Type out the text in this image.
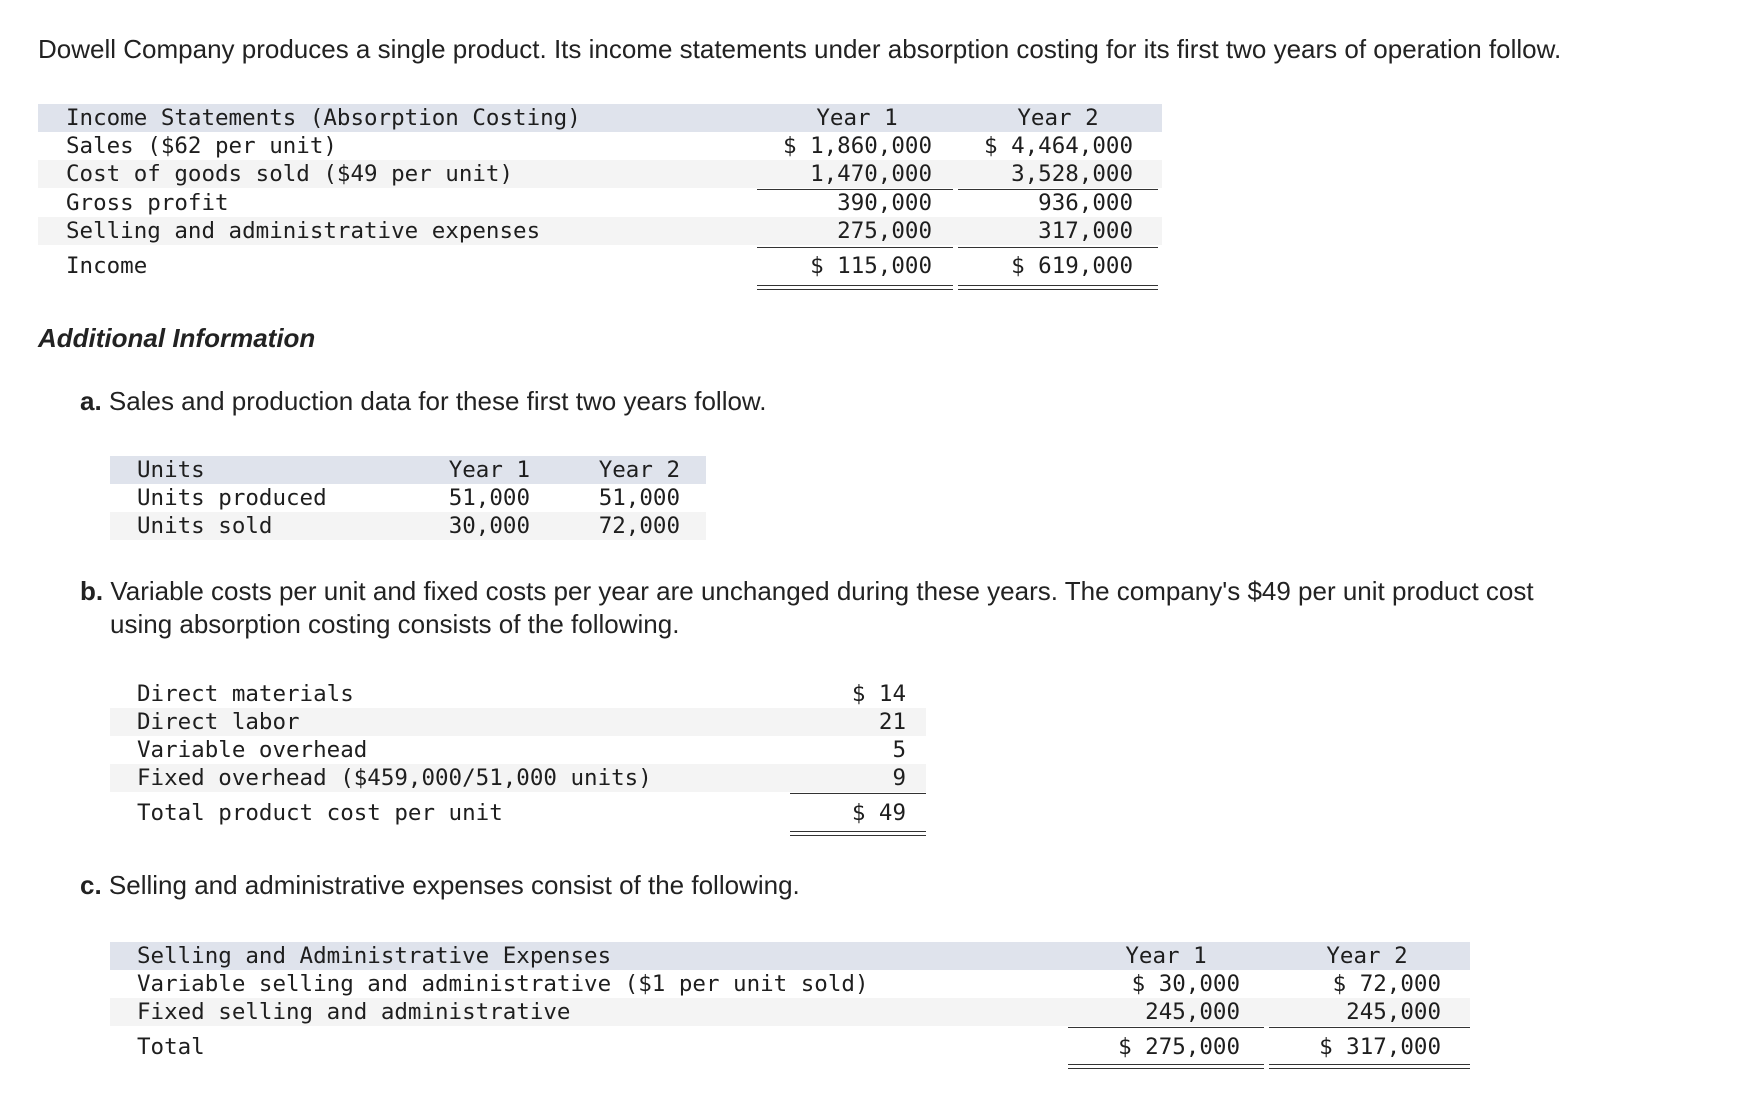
Dowell Company produces a single product. Its income statements under absorption costing for its first two years of operation follow.
Income Statements (Absorption Costing)	Year 1	Year 2
Sales ($62 per unit)	$ 1,860,000	$ 4,464,000
Cost of goods sold ($49 per unit)	1,470,000	3,528,000
Gross profit	390,000	936,000
Selling and administrative expenses	275,000	317,000
Income	$ 115,000	$ 619,000
Additional Information
a. Sales and production data for these first two years follow.
Units	Year 1	Year 2
Units produced	51,000	51,000
Units sold	30,000	72,000
b. Variable costs per unit and fixed costs per year are unchanged during these years. The company's $49 per unit product cost
using absorption costing consists of the following.
Direct materials	$ 14
Direct labor	21
Variable overhead	5
Fixed overhead ($459,000/51,000 units)	9
Total product cost per unit	$ 49
c. Selling and administrative expenses consist of the following.
Selling and Administrative Expenses	Year 1	Year 2
Variable selling and administrative ($1 per unit sold)	$ 30,000	$ 72,000
Fixed selling and administrative	245,000	245,000
Total	$ 275,000	$ 317,000
